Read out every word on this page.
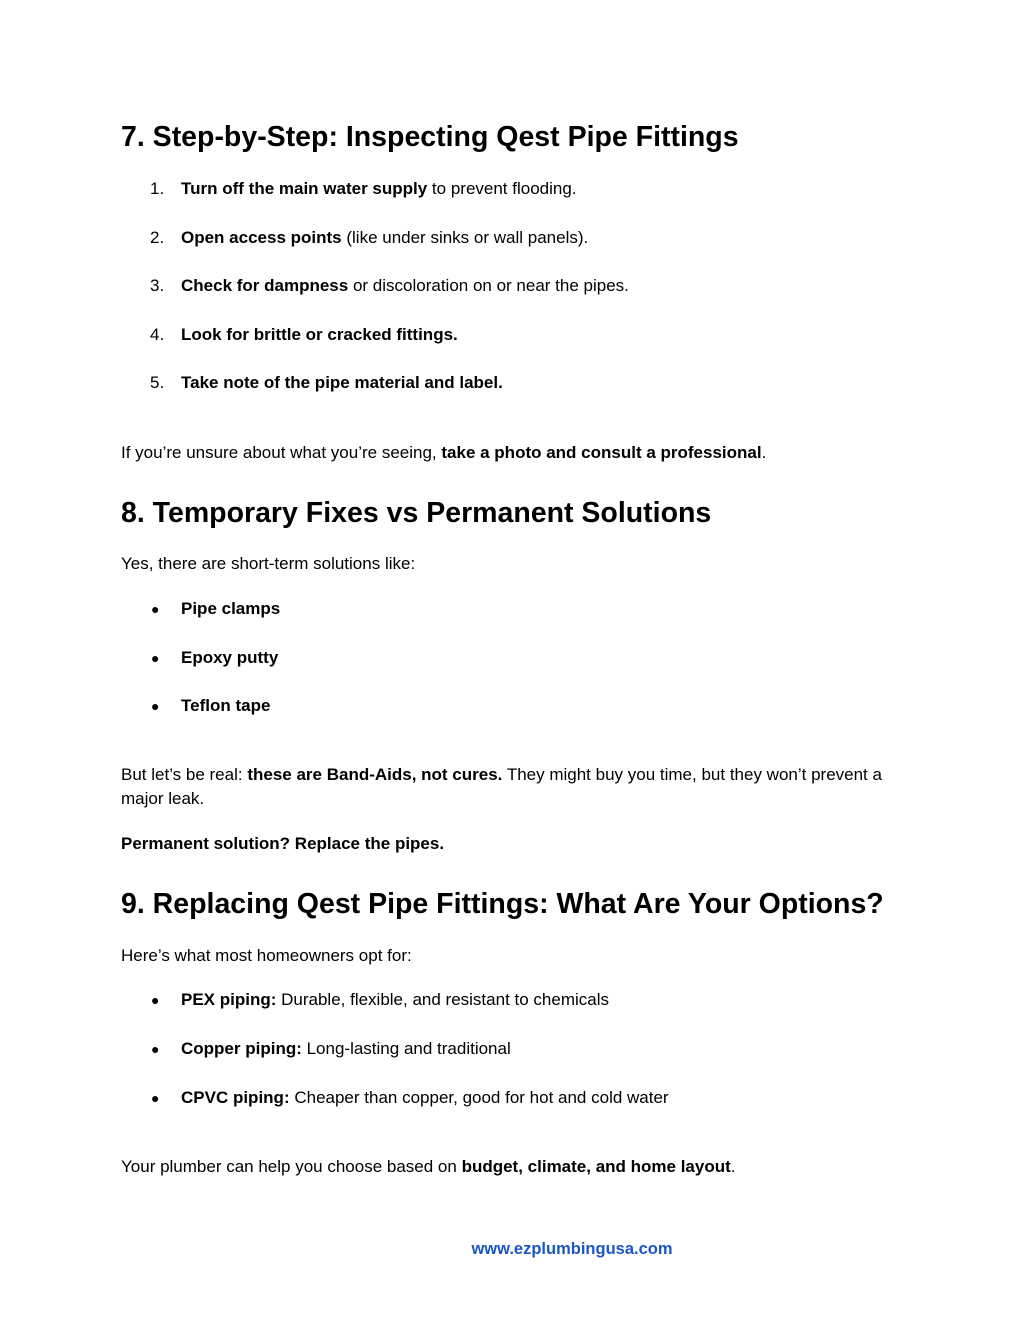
7. Step-by-Step: Inspecting Qest Pipe Fittings
1. Turn off the main water supply to prevent flooding.
2. Open access points (like under sinks or wall panels).
3. Check for dampness or discoloration on or near the pipes.
4. Look for brittle or cracked fittings.
5. Take note of the pipe material and label.

If you’re unsure about what you’re seeing, take a photo and consult a professional.

8. Temporary Fixes vs Permanent Solutions

Yes, there are short-term solutions like:

● Pipe clamps
● Epoxy putty
● Teflon tape

But let’s be real: these are Band-Aids, not cures. They might buy you time, but they won’t prevent a major leak.

Permanent solution? Replace the pipes.

9. Replacing Qest Pipe Fittings: What Are Your Options?

Here’s what most homeowners opt for:

● PEX piping: Durable, flexible, and resistant to chemicals
● Copper piping: Long-lasting and traditional
● CPVC piping: Cheaper than copper, good for hot and cold water

Your plumber can help you choose based on budget, climate, and home layout.

www.ezplumbingusa.com
